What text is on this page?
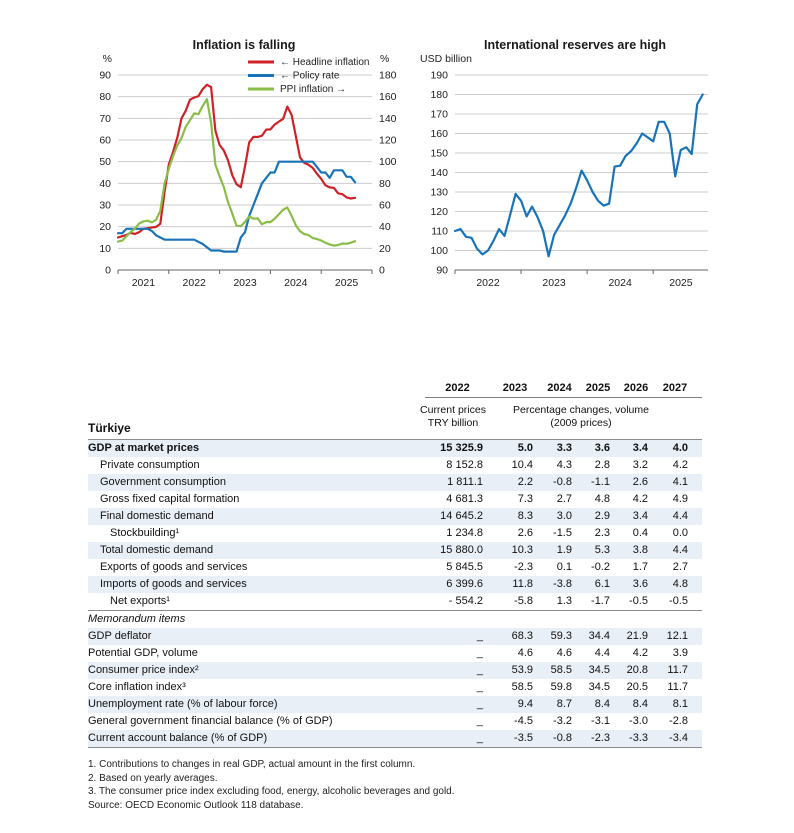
Inflation is falling	International reserves are high
2021	2022	2023	2024	2025
0
10
20
30
40
50
60
70
80
90
%
0
20
40
60
80
100
120
140
160
180
%
← Headline inflation
← Policy rate
PPI inflation →
2022	2023	2024	2025
90
100
110
120
130
140
150
160
170
180
190
USD billion
2022	2023	2024	2025	2026	2027
Türkiye
Current prices
TRY billion
Percentage changes, volume
(2009 prices)
GDP at market prices	15 325.9	5.0	3.3	3.6	3.4	4.0
Private consumption	8 152.8	10.4	4.3	2.8	3.2	4.2
Government consumption	1 811.1	2.2	-0.8	-1.1	2.6	4.1
Gross fixed capital formation	4 681.3	7.3	2.7	4.8	4.2	4.9
Final domestic demand	14 645.2	8.3	3.0	2.9	3.4	4.4
Stockbuilding¹	1 234.8	2.6	-1.5	2.3	0.4	0.0
Total domestic demand	15 880.0	10.3	1.9	5.3	3.8	4.4
Exports of goods and services	5 845.5	-2.3	0.1	-0.2	1.7	2.7
Imports of goods and services	6 399.6	11.8	-3.8	6.1	3.6	4.8
Net exports¹	- 554.2	-5.8	1.3	-1.7	-0.5	-0.5
Memorandum items
GDP deflator	_	68.3	59.3	34.4	21.9	12.1
Potential GDP, volume	_	4.6	4.6	4.4	4.2	3.9
Consumer price index²	_	53.9	58.5	34.5	20.8	11.7
Core inflation index³	_	58.5	59.8	34.5	20.5	11.7
Unemployment rate (% of labour force)	_	9.4	8.7	8.4	8.4	8.1
General government financial balance (% of GDP)	_	-4.5	-3.2	-3.1	-3.0	-2.8
Current account balance (% of GDP)	_	-3.5	-0.8	-2.3	-3.3	-3.4
1. Contributions to changes in real GDP, actual amount in the first column.
2. Based on yearly averages.
3. The consumer price index excluding food, energy, alcoholic beverages and gold.
Source: OECD Economic Outlook 118 database.
